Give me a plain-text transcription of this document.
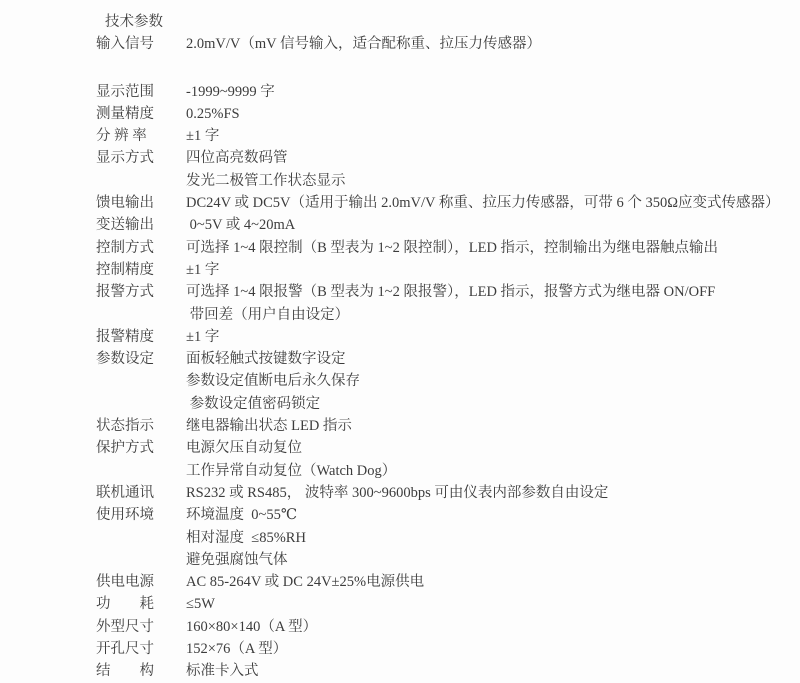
技术参数
输入信号	2.0mV/V（mV 信号输入，适合配称重、拉压力传感器）
显示范围	-1999~9999 字
测量精度	0.25%FS
分 辨 率	±1 字
显示方式	四位高亮数码管
发光二极管工作状态显示
馈电输出	DC24V 或 DC5V（适用于输出 2.0mV/V 称重、拉压力传感器，可带 6 个 350Ω应变式传感器）
变送输出	0~5V 或 4~20mA
控制方式	可选择 1~4 限控制（B 型表为 1~2 限控制），LED 指示，控制输出为继电器触点输出
控制精度	±1 字
报警方式	可选择 1~4 限报警（B 型表为 1~2 限报警），LED 指示，报警方式为继电器 ON/OFF
带回差（用户自由设定）
报警精度	±1 字
参数设定	面板轻触式按键数字设定
参数设定值断电后永久保存
参数设定值密码锁定
状态指示	继电器输出状态 LED 指示
保护方式	电源欠压自动复位
工作异常自动复位（Watch Dog）
联机通讯	RS232 或 RS485， 波特率 300~9600bps 可由仪表内部参数自由设定
使用环境	环境温度  0~55℃
相对湿度  ≤85%RH
避免强腐蚀气体
供电电源	AC 85-264V 或 DC 24V±25%电源供电
功　　耗	≤5W
外型尺寸	160×80×140（A 型）
开孔尺寸	152×76（A 型）
结　　构	标准卡入式
